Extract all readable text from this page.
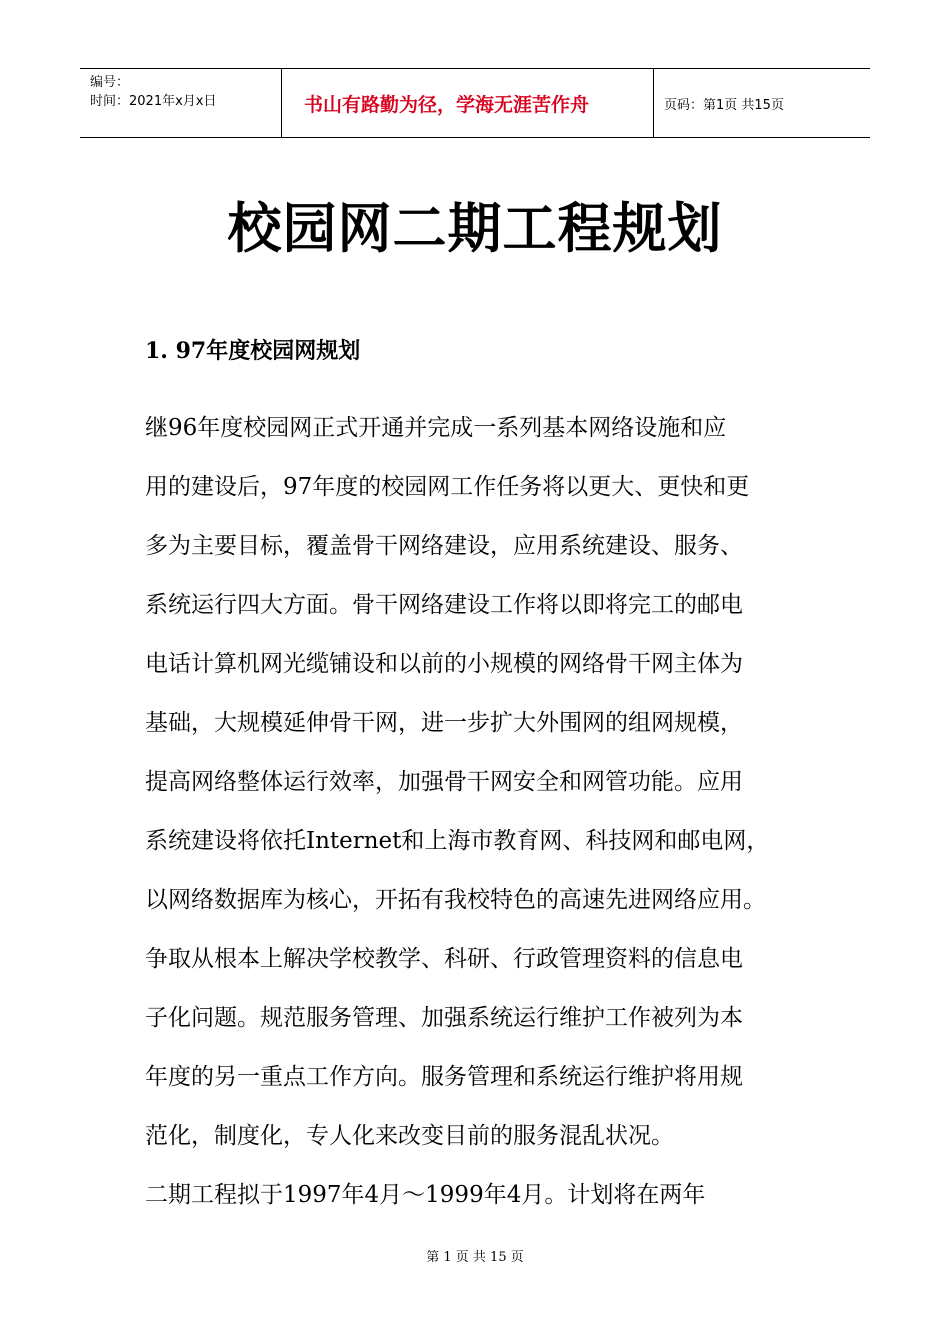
编号：
时间：2021年x月x日	书山有路勤为径，学海无涯苦作舟	页码：第1页 共15页
校园网二期工程规划
1. 97年度校园网规划
继96年度校园网正式开通并完成一系列基本网络设施和应
用的建设后，97年度的校园网工作任务将以更大、更快和更
多为主要目标，覆盖骨干网络建设，应用系统建设、服务、
系统运行四大方面。骨干网络建设工作将以即将完工的邮电
电话计算机网光缆铺设和以前的小规模的网络骨干网主体为
基础，大规模延伸骨干网，进一步扩大外围网的组网规模，
提高网络整体运行效率，加强骨干网安全和网管功能。应用
系统建设将依托Internet和上海市教育网、科技网和邮电网，
以网络数据库为核心，开拓有我校特色的高速先进网络应用。
争取从根本上解决学校教学、科研、行政管理资料的信息电
子化问题。规范服务管理、加强系统运行维护工作被列为本
年度的另一重点工作方向。服务管理和系统运行维护将用规
范化，制度化，专人化来改变目前的服务混乱状况。
二期工程拟于1997年4月～1999年4月。计划将在两年
第 1 页 共 15 页
